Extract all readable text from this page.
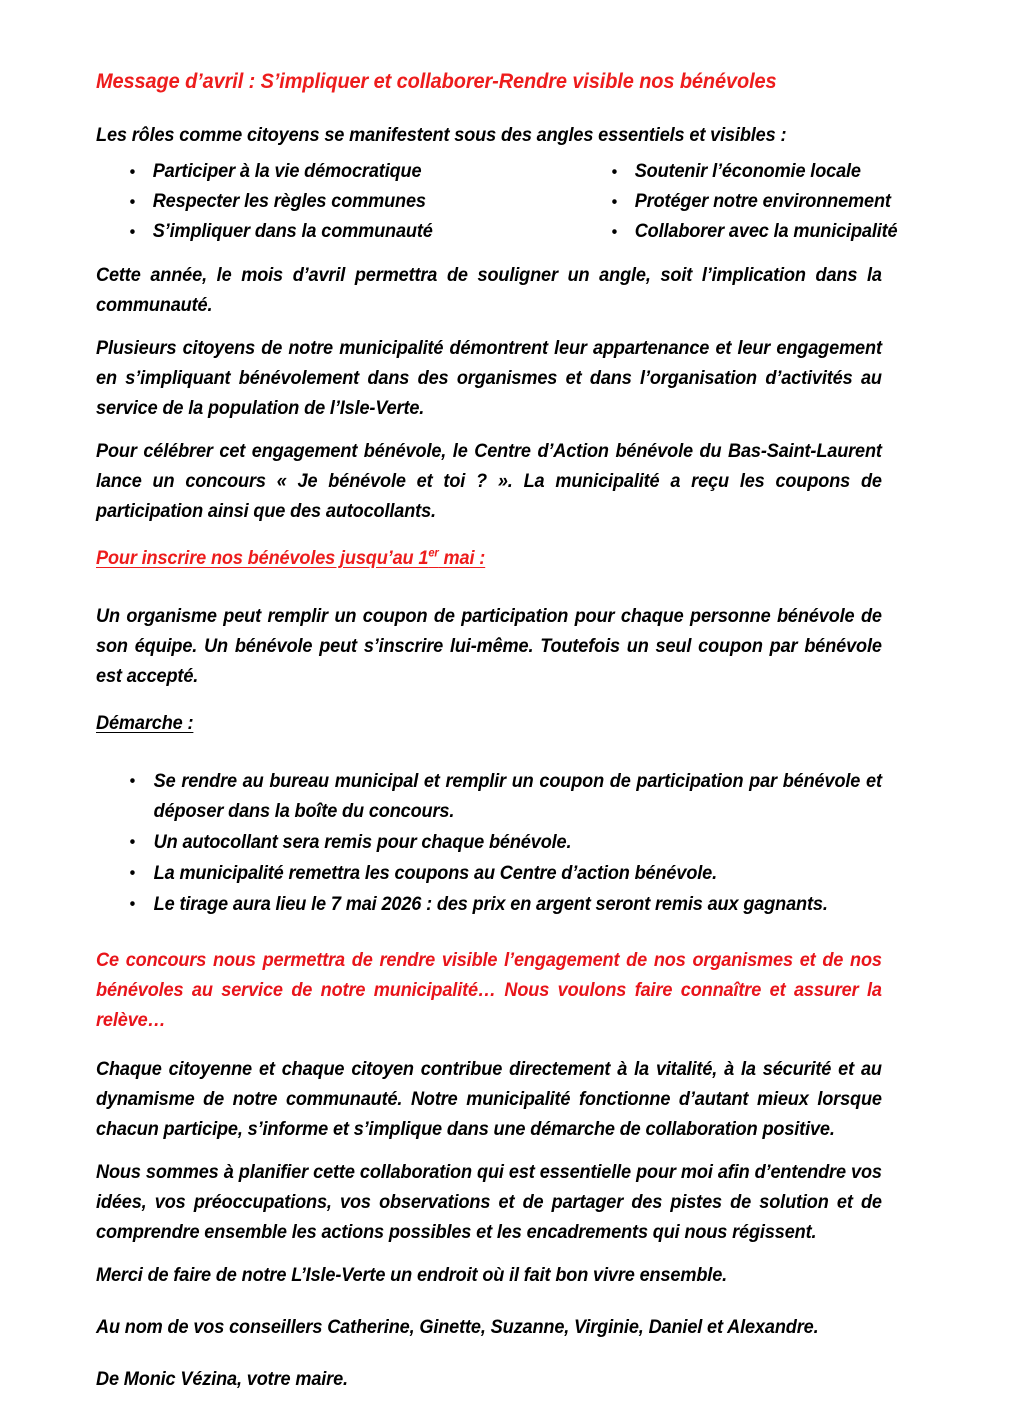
Message d’avril : S’impliquer et collaborer-Rendre visible nos bénévoles

Les rôles comme citoyens se manifestent sous des angles essentiels et visibles :

• Participer à la vie démocratique	• Soutenir l’économie locale
• Respecter les règles communes	• Protéger notre environnement
• S’impliquer dans la communauté	• Collaborer avec la municipalité

Cette année, le mois d’avril permettra de souligner un angle, soit l’implication dans la communauté.

Plusieurs citoyens de notre municipalité démontrent leur appartenance et leur engagement en s’impliquant bénévolement dans des organismes et dans l’organisation d’activités au service de la population de l’Isle-Verte.

Pour célébrer cet engagement bénévole, le Centre d’Action bénévole du Bas-Saint-Laurent lance un concours « Je bénévole et toi ? ». La municipalité a reçu les coupons de participation ainsi que des autocollants.

Pour inscrire nos bénévoles jusqu’au 1er mai :

Un organisme peut remplir un coupon de participation pour chaque personne bénévole de son équipe. Un bénévole peut s’inscrire lui-même. Toutefois un seul coupon par bénévole est accepté.

Démarche :
• Se rendre au bureau municipal et remplir un coupon de participation par bénévole et déposer dans la boîte du concours.
• Un autocollant sera remis pour chaque bénévole.
• La municipalité remettra les coupons au Centre d’action bénévole.
• Le tirage aura lieu le 7 mai 2026 : des prix en argent seront remis aux gagnants.

Ce concours nous permettra de rendre visible l’engagement de nos organismes et de nos bénévoles au service de notre municipalité… Nous voulons faire connaître et assurer la relève…

Chaque citoyenne et chaque citoyen contribue directement à la vitalité, à la sécurité et au dynamisme de notre communauté. Notre municipalité fonctionne d’autant mieux lorsque chacun participe, s’informe et s’implique dans une démarche de collaboration positive.

Nous sommes à planifier cette collaboration qui est essentielle pour moi afin d’entendre vos idées, vos préoccupations, vos observations et de partager des pistes de solution et de comprendre ensemble les actions possibles et les encadrements qui nous régissent.

Merci de faire de notre L’Isle-Verte un endroit où il fait bon vivre ensemble.

Au nom de vos conseillers Catherine, Ginette, Suzanne, Virginie, Daniel et Alexandre.

De Monic Vézina, votre maire.
